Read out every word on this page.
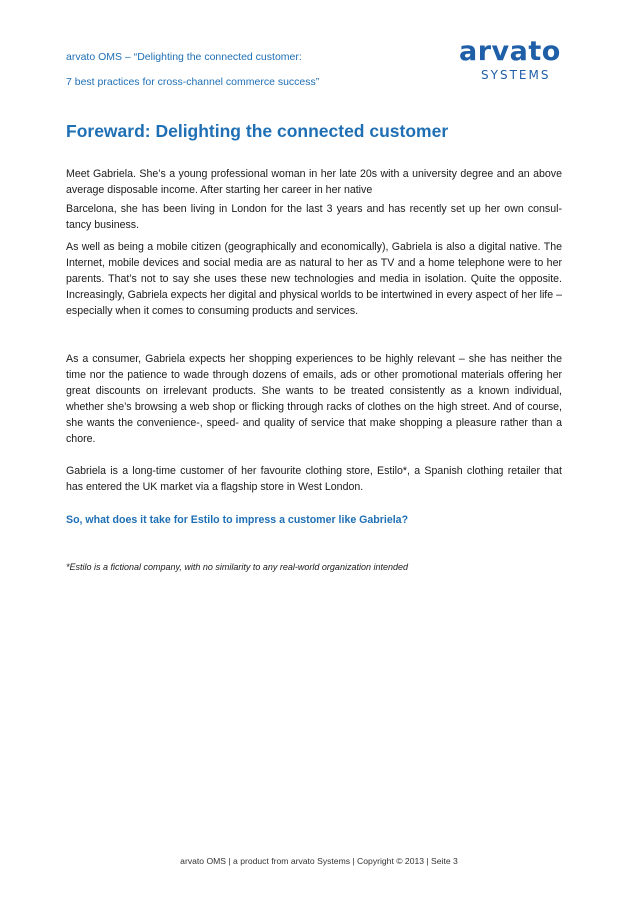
arvato OMS – “Delighting the connected customer:
7 best practices for cross-channel commerce success”
arvato
SYSTEMS
Foreward: Delighting the connected customer

Meet Gabriela. She’s a young professional woman in her late 20s with a university degree and an above average disposable income. After starting her career in her native

Barcelona, she has been living in London for the last 3 years and has recently set up her own consul-tancy business.

As well as being a mobile citizen (geographically and economically), Gabriela is also a digital native. The Internet, mobile devices and social media are as natural to her as TV and a home telephone were to her parents. That’s not to say she uses these new technologies and media in isolation. Quite the opposite. Increasingly, Gabriela expects her digital and physical worlds to be intertwined in every aspect of her life – especially when it comes to consuming products and services.

As a consumer, Gabriela expects her shopping experiences to be highly relevant – she has neither the time nor the patience to wade through dozens of emails, ads or other promotional materials offering her great discounts on irrelevant products. She wants to be treated consistently as a known individual, whether she’s browsing a web shop or flicking through racks of clothes on the high street. And of course, she wants the convenience-, speed- and quality of service that make shopping a pleasure rather than a chore.

Gabriela is a long-time customer of her favourite clothing store, Estilo*, a Spanish clothing retailer that has entered the UK market via a flagship store in West London.

So, what does it take for Estilo to impress a customer like Gabriela?
*Estilo is a fictional company, with no similarity to any real-world organization intended
arvato OMS | a product from arvato Systems | Copyright © 2013 | Seite 3
